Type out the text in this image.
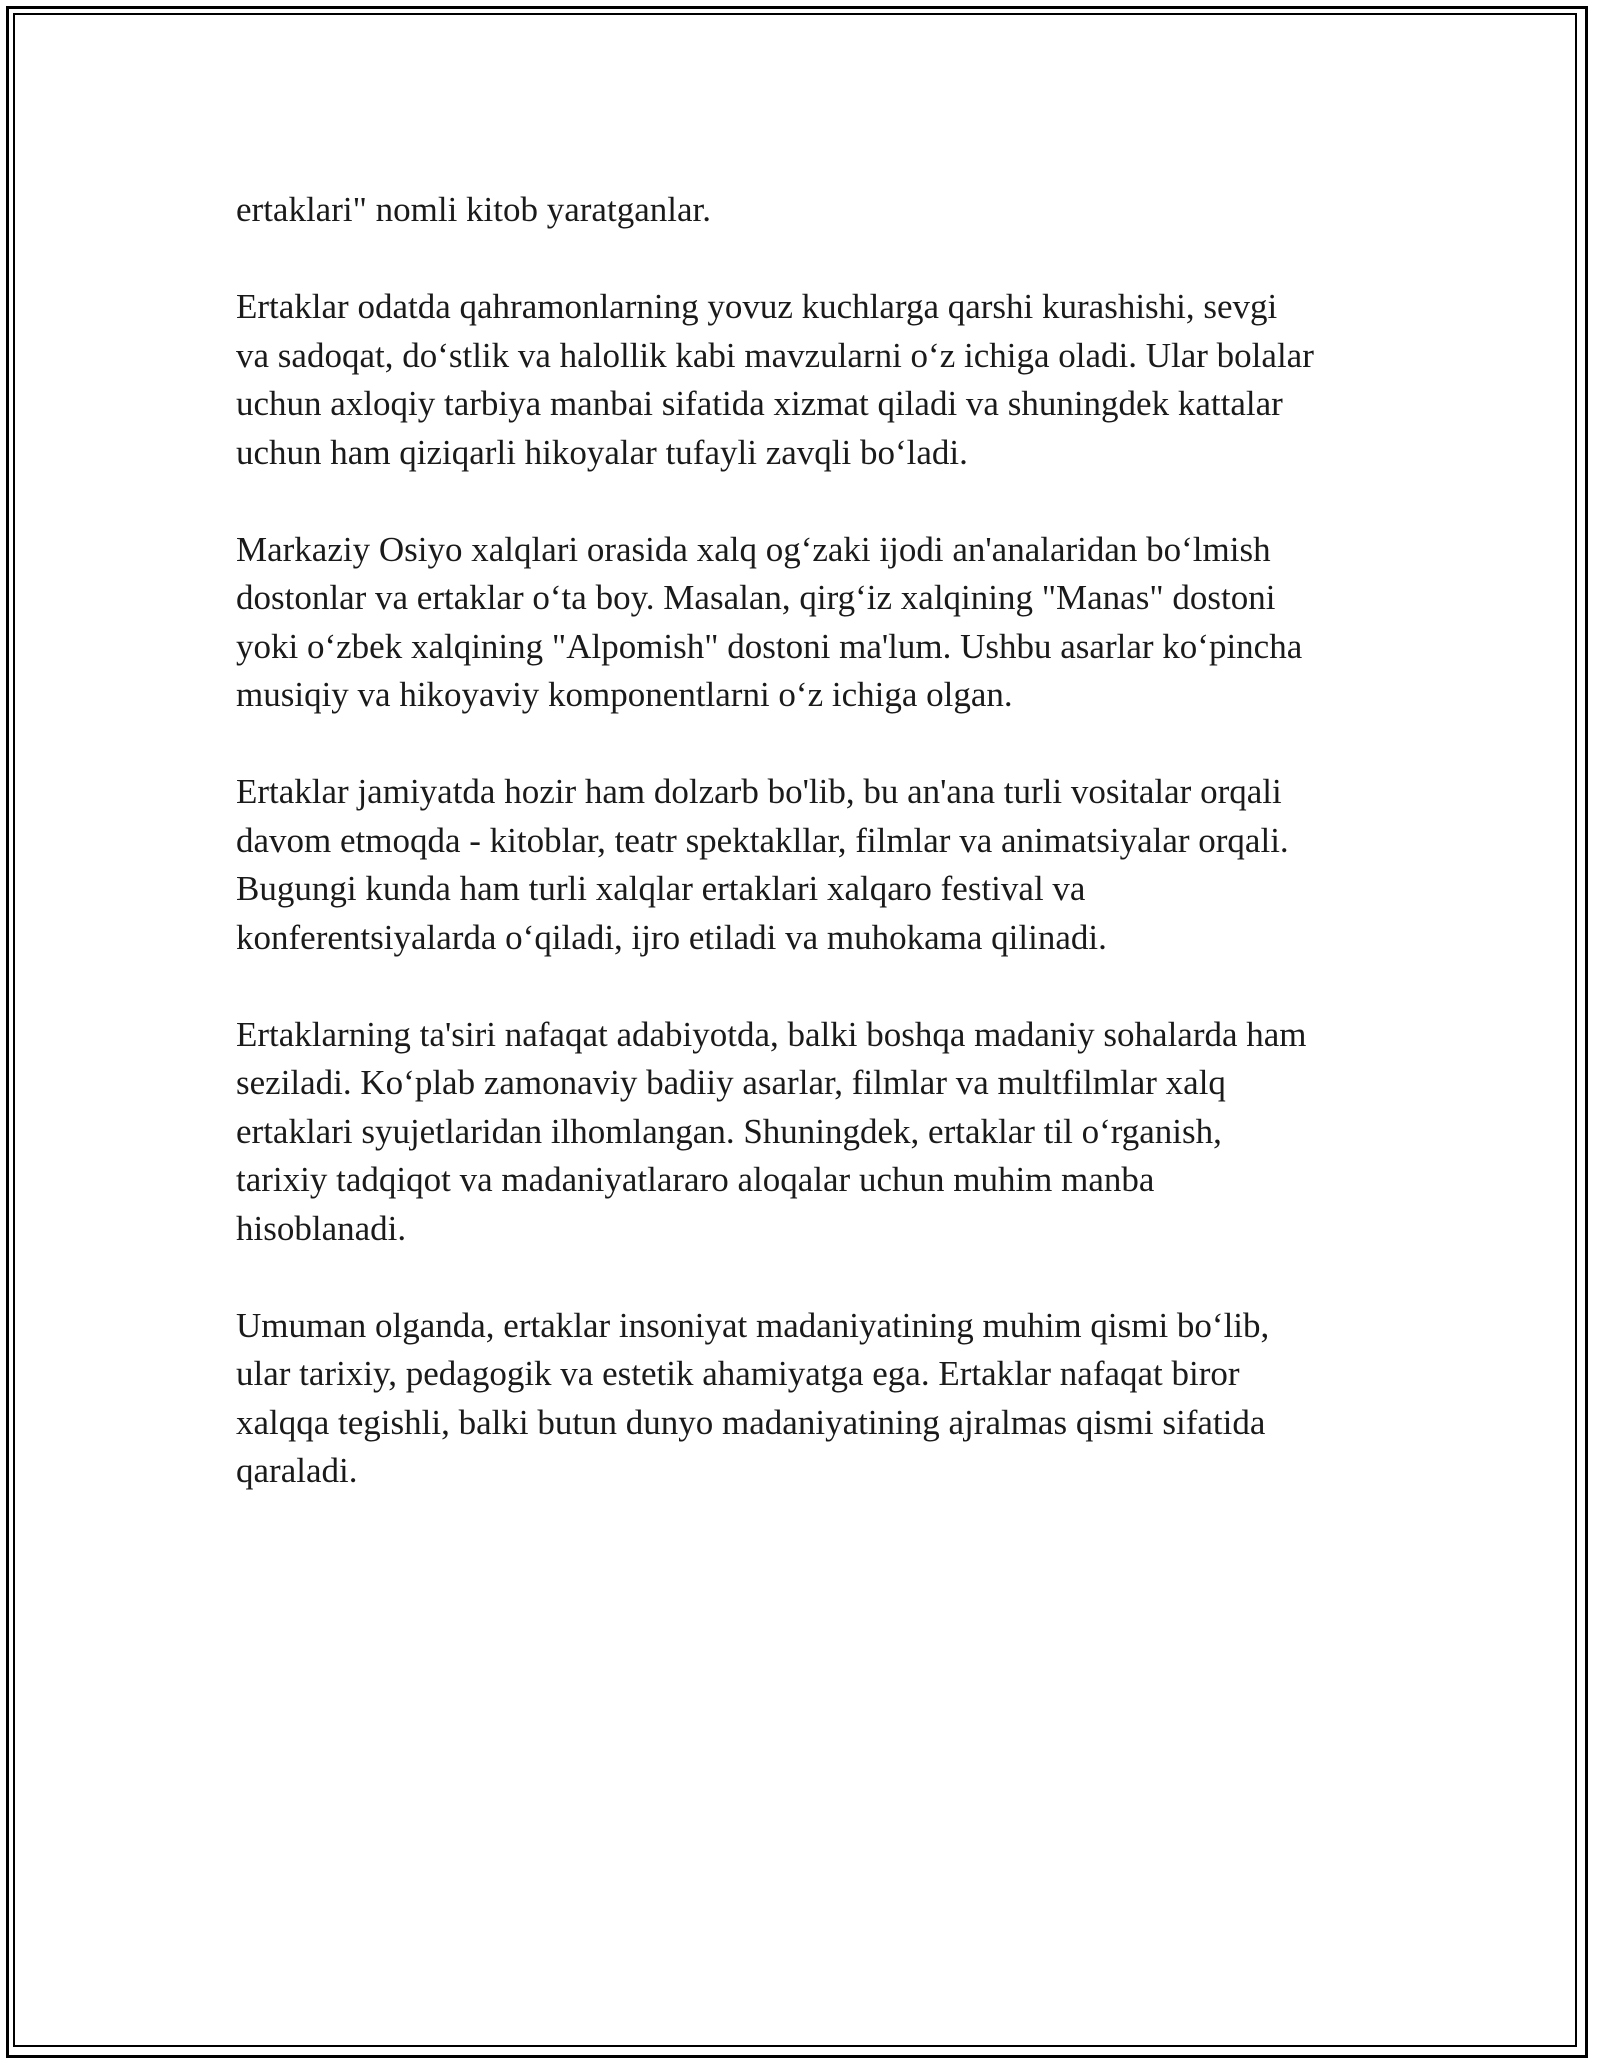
ertaklari" nomli kitob yaratganlar.

Ertaklar odatda qahramonlarning yovuz kuchlarga qarshi kurashishi, sevgi
va sadoqat, do‘stlik va halollik kabi mavzularni o‘z ichiga oladi. Ular bolalar
uchun axloqiy tarbiya manbai sifatida xizmat qiladi va shuningdek kattalar
uchun ham qiziqarli hikoyalar tufayli zavqli bo‘ladi.

Markaziy Osiyo xalqlari orasida xalq og‘zaki ijodi an'analaridan bo‘lmish
dostonlar va ertaklar o‘ta boy. Masalan, qirg‘iz xalqining "Manas" dostoni
yoki o‘zbek xalqining "Alpomish" dostoni ma'lum. Ushbu asarlar ko‘pincha
musiqiy va hikoyaviy komponentlarni o‘z ichiga olgan.

Ertaklar jamiyatda hozir ham dolzarb bo'lib, bu an'ana turli vositalar orqali
davom etmoqda - kitoblar, teatr spektakllar, filmlar va animatsiyalar orqali.
Bugungi kunda ham turli xalqlar ertaklari xalqaro festival va
konferentsiyalarda o‘qiladi, ijro etiladi va muhokama qilinadi.

Ertaklarning ta'siri nafaqat adabiyotda, balki boshqa madaniy sohalarda ham
seziladi. Ko‘plab zamonaviy badiiy asarlar, filmlar va multfilmlar xalq
ertaklari syujetlaridan ilhomlangan. Shuningdek, ertaklar til o‘rganish,
tarixiy tadqiqot va madaniyatlararo aloqalar uchun muhim manba
hisoblanadi.

Umuman olganda, ertaklar insoniyat madaniyatining muhim qismi bo‘lib,
ular tarixiy, pedagogik va estetik ahamiyatga ega. Ertaklar nafaqat biror
xalqqa tegishli, balki butun dunyo madaniyatining ajralmas qismi sifatida
qaraladi.
